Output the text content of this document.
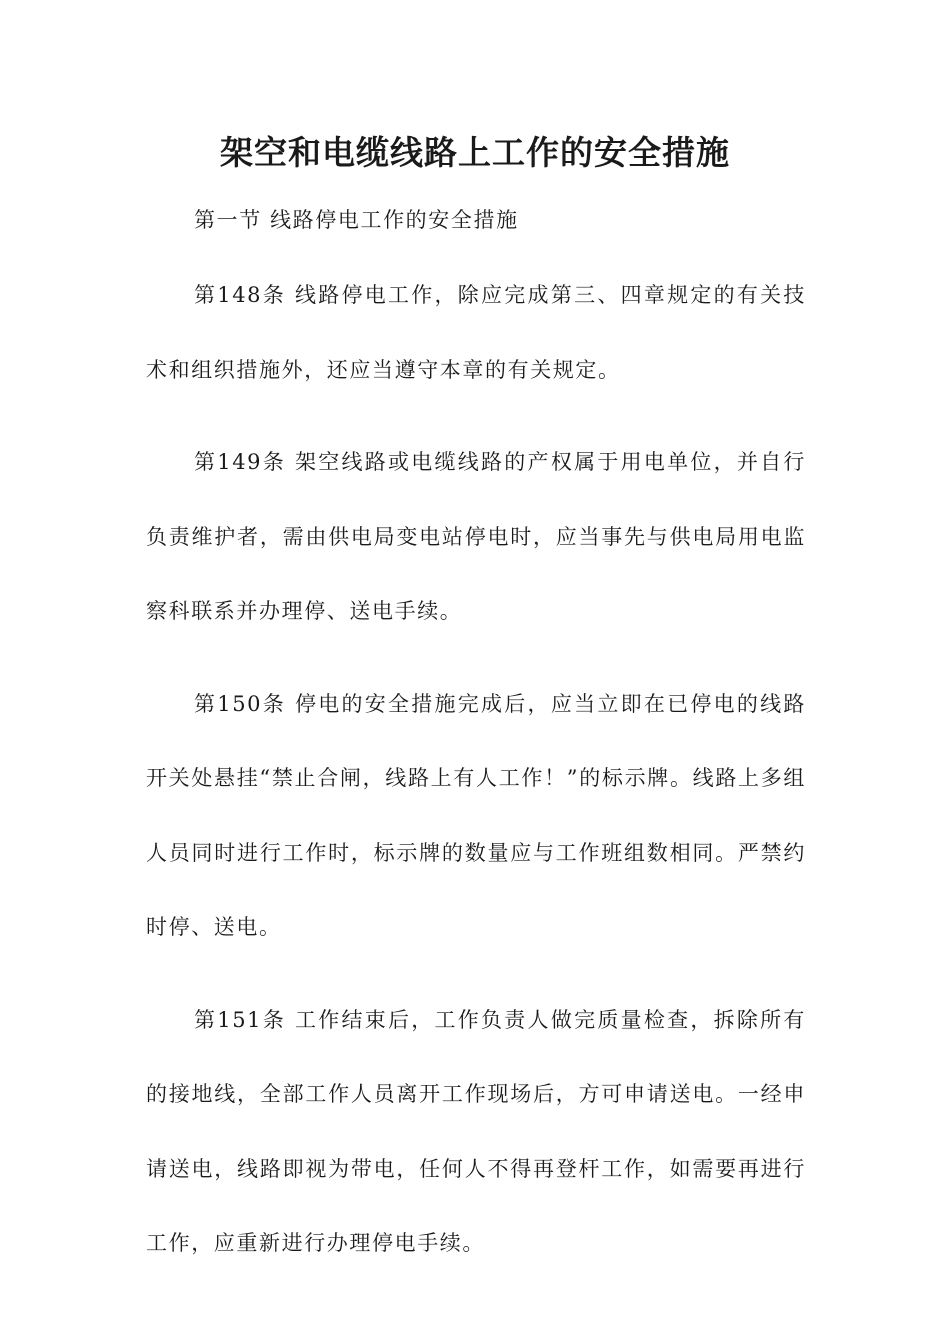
架空和电缆线路上工作的安全措施

第一节 线路停电工作的安全措施

第148条 线路停电工作，除应完成第三、四章规定的有关技术和组织措施外，还应当遵守本章的有关规定。

第149条 架空线路或电缆线路的产权属于用电单位，并自行负责维护者，需由供电局变电站停电时，应当事先与供电局用电监察科联系并办理停、送电手续。

第150条 停电的安全措施完成后，应当立即在已停电的线路开关处悬挂“禁止合闸，线路上有人工作！”的标示牌。线路上多组人员同时进行工作时，标示牌的数量应与工作班组数相同。严禁约时停、送电。

第151条 工作结束后，工作负责人做完质量检查，拆除所有的接地线，全部工作人员离开工作现场后，方可申请送电。一经申请送电，线路即视为带电，任何人不得再登杆工作，如需要再进行工作，应重新进行办理停电手续。
